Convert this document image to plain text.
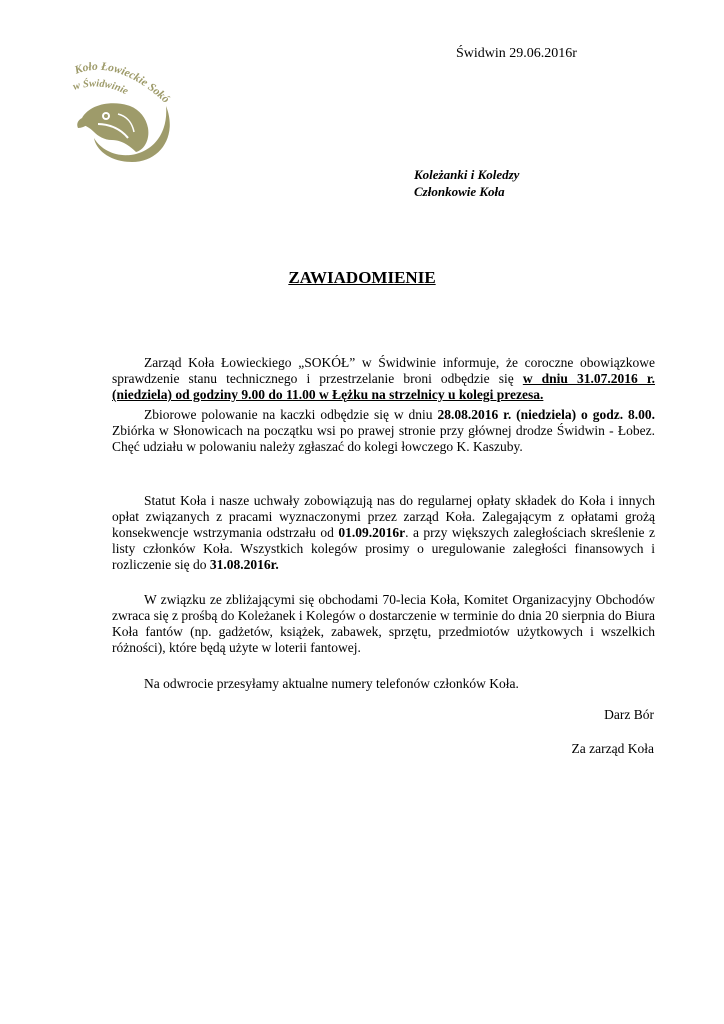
Świdwin 29.06.2016r
Koło Łowieckie Sokó
w Świdwinie
Koleżanki i Koledzy
Członkowie Koła
ZAWIADOMIENIE
Zarząd Koła Łowieckiego „SOKÓŁ” w Świdwinie informuje, że coroczne obowiązkowe sprawdzenie stanu technicznego i przestrzelanie broni odbędzie się w dniu 31.07.2016 r. (niedziela) od godziny 9.00 do 11.00 w Łężku na strzelnicy u kolegi prezesa.
Zbiorowe polowanie na kaczki odbędzie się w dniu 28.08.2016 r. (niedziela) o godz. 8.00. Zbiórka w Słonowicach na początku wsi po prawej stronie przy głównej drodze Świdwin - Łobez. Chęć udziału w polowaniu należy zgłaszać do kolegi łowczego K. Kaszuby.
Statut Koła i nasze uchwały zobowiązują nas do regularnej opłaty składek do Koła i innych opłat związanych z pracami wyznaczonymi przez zarząd Koła. Zalegającym z opłatami grożą konsekwencje wstrzymania odstrzału od 01.09.2016r. a przy większych zaległościach skreślenie z listy członków Koła. Wszystkich kolegów prosimy o uregulowanie zaległości finansowych i rozliczenie się do 31.08.2016r.
W związku ze zbliżającymi się obchodami 70-lecia Koła, Komitet Organizacyjny Obchodów zwraca się z prośbą do Koleżanek i Kolegów o dostarczenie w terminie do dnia 20 sierpnia do Biura Koła fantów (np. gadżetów, książek, zabawek, sprzętu, przedmiotów użytkowych i wszelkich różności), które będą użyte w loterii fantowej.
Na odwrocie przesyłamy aktualne numery telefonów członków Koła.
Darz Bór
Za zarząd Koła
